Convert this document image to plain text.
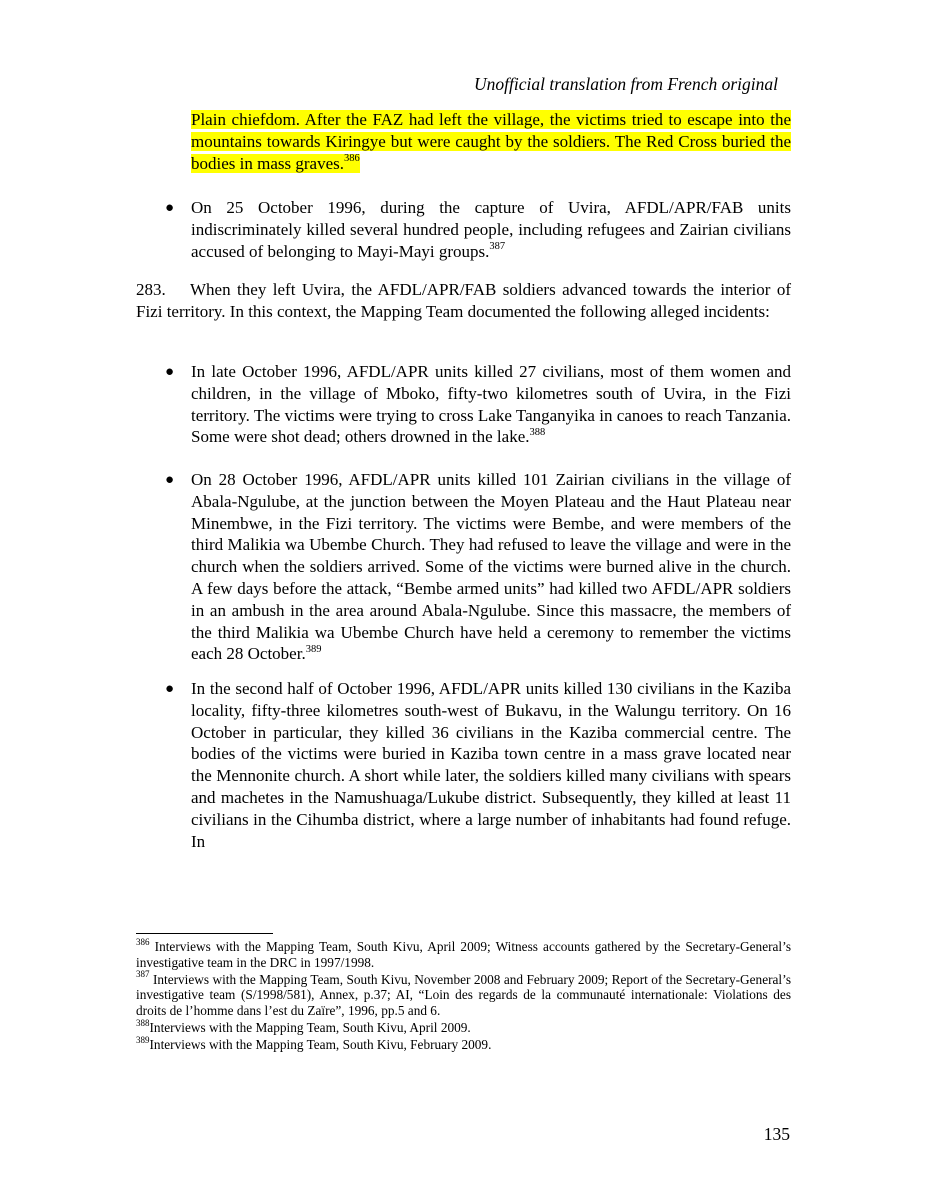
Unofficial translation from French original
Plain chiefdom. After the FAZ had left the village, the victims tried to escape into the mountains towards Kiringye but were caught by the soldiers. The Red Cross buried the bodies in mass graves.$^{386}$
● On 25 October 1996, during the capture of Uvira, AFDL/APR/FAB units indiscriminately killed several hundred people, including refugees and Zairian civilians accused of belonging to Mayi-Mayi groups.$^{387}$
283. When they left Uvira, the AFDL/APR/FAB soldiers advanced towards the interior of Fizi territory. In this context, the Mapping Team documented the following alleged incidents:
● In late October 1996, AFDL/APR units killed 27 civilians, most of them women and children, in the village of Mboko, fifty-two kilometres south of Uvira, in the Fizi territory. The victims were trying to cross Lake Tanganyika in canoes to reach Tanzania. Some were shot dead; others drowned in the lake.$^{388}$
● On 28 October 1996, AFDL/APR units killed 101 Zairian civilians in the village of Abala-Ngulube, at the junction between the Moyen Plateau and the Haut Plateau near Minembwe, in the Fizi territory. The victims were Bembe, and were members of the third Malikia wa Ubembe Church. They had refused to leave the village and were in the church when the soldiers arrived. Some of the victims were burned alive in the church. A few days before the attack, “Bembe armed units” had killed two AFDL/APR soldiers in an ambush in the area around Abala-Ngulube. Since this massacre, the members of the third Malikia wa Ubembe Church have held a ceremony to remember the victims each 28 October.$^{389}$
● In the second half of October 1996, AFDL/APR units killed 130 civilians in the Kaziba locality, fifty-three kilometres south-west of Bukavu, in the Walungu territory. On 16 October in particular, they killed 36 civilians in the Kaziba commercial centre. The bodies of the victims were buried in Kaziba town centre in a mass grave located near the Mennonite church. A short while later, the soldiers killed many civilians with spears and machetes in the Namushuaga/Lukube district. Subsequently, they killed at least 11 civilians in the Cihumba district, where a large number of inhabitants had found refuge. In

$^{386}$ Interviews with the Mapping Team, South Kivu, April 2009; Witness accounts gathered by the Secretary-General’s investigative team in the DRC in 1997/1998.

$^{387}$ Interviews with the Mapping Team, South Kivu, November 2008 and February 2009; Report of the Secretary-General’s investigative team (S/1998/581), Annex, p.37; AI, “Loin des regards de la communauté internationale: Violations des droits de l’homme dans l’est du Zaïre”, 1996, pp.5 and 6.

$^{388}$Interviews with the Mapping Team, South Kivu, April 2009.

$^{389}$Interviews with the Mapping Team, South Kivu, February 2009.

135
